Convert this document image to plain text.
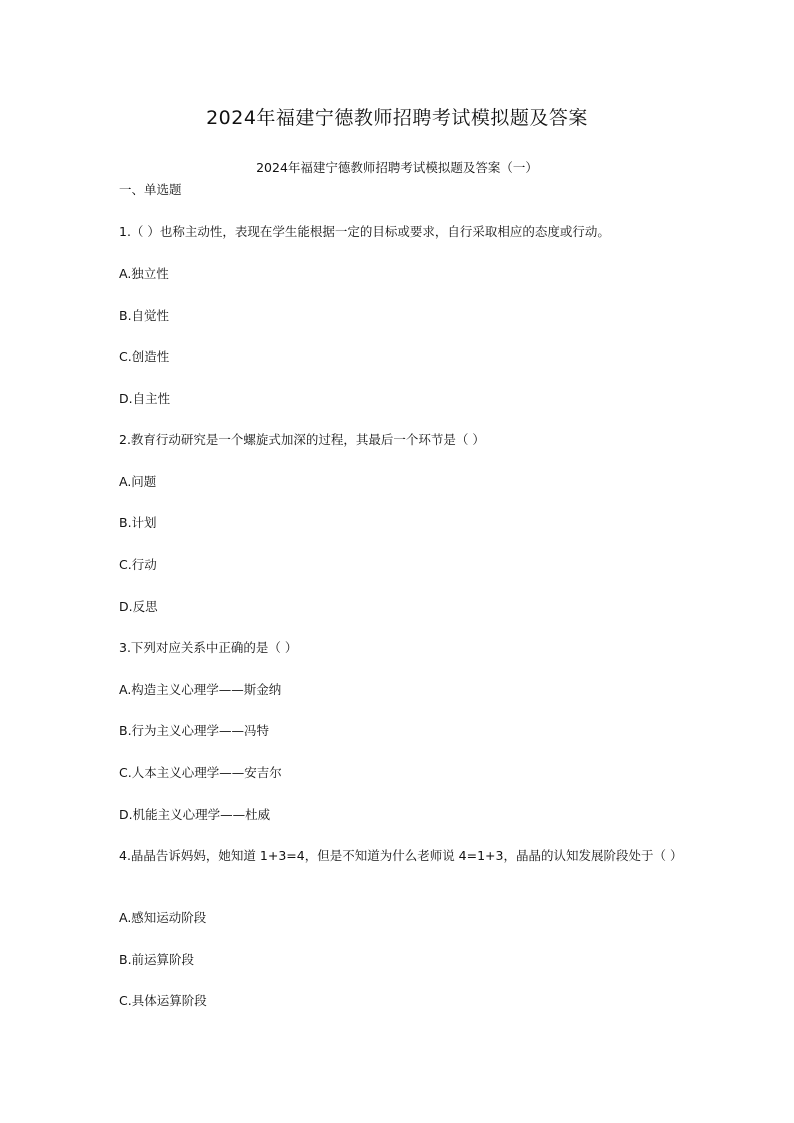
2024年福建宁德教师招聘考试模拟题及答案
2024年福建宁德教师招聘考试模拟题及答案（一）
一、单选题
1.（ ）也称主动性，表现在学生能根据一定的目标或要求，自行采取相应的态度或行动。
A.独立性
B.自觉性
C.创造性
D.自主性
2.教育行动研究是一个螺旋式加深的过程，其最后一个环节是（ ）
A.问题
B.计划
C.行动
D.反思
3.下列对应关系中正确的是（ ）
A.构造主义心理学——斯金纳
B.行为主义心理学——冯特
C.人本主义心理学——安吉尔
D.机能主义心理学——杜威
4.晶晶告诉妈妈，她知道 1+3=4，但是不知道为什么老师说 4=1+3，晶晶的认知发展阶段处于（ ）
A.感知运动阶段
B.前运算阶段
C.具体运算阶段
